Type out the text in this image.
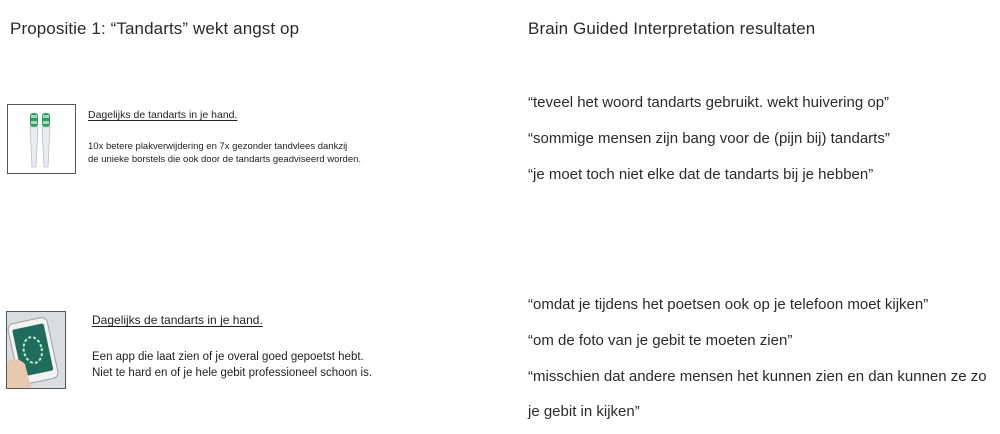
Propositie 1: “Tandarts” wekt angst op	Brain Guided Interpretation resultaten
Dagelijks de tandarts in je hand.
10x betere plakverwijdering en 7x gezonder tandvlees dankzij
de unieke borstels die ook door de tandarts geadviseerd worden.
Dagelijks de tandarts in je hand.
Een app die laat zien of je overal goed gepoetst hebt.
Niet te hard en of je hele gebit professioneel schoon is.
“teveel het woord tandarts gebruikt. wekt huivering op”
“sommige mensen zijn bang voor de (pijn bij) tandarts”
“je moet toch niet elke dat de tandarts bij je hebben”
“omdat je tijdens het poetsen ook op je telefoon moet kijken”
“om de foto van je gebit te moeten zien”
“misschien dat andere mensen het kunnen zien en dan kunnen ze zo
je gebit in kijken”
